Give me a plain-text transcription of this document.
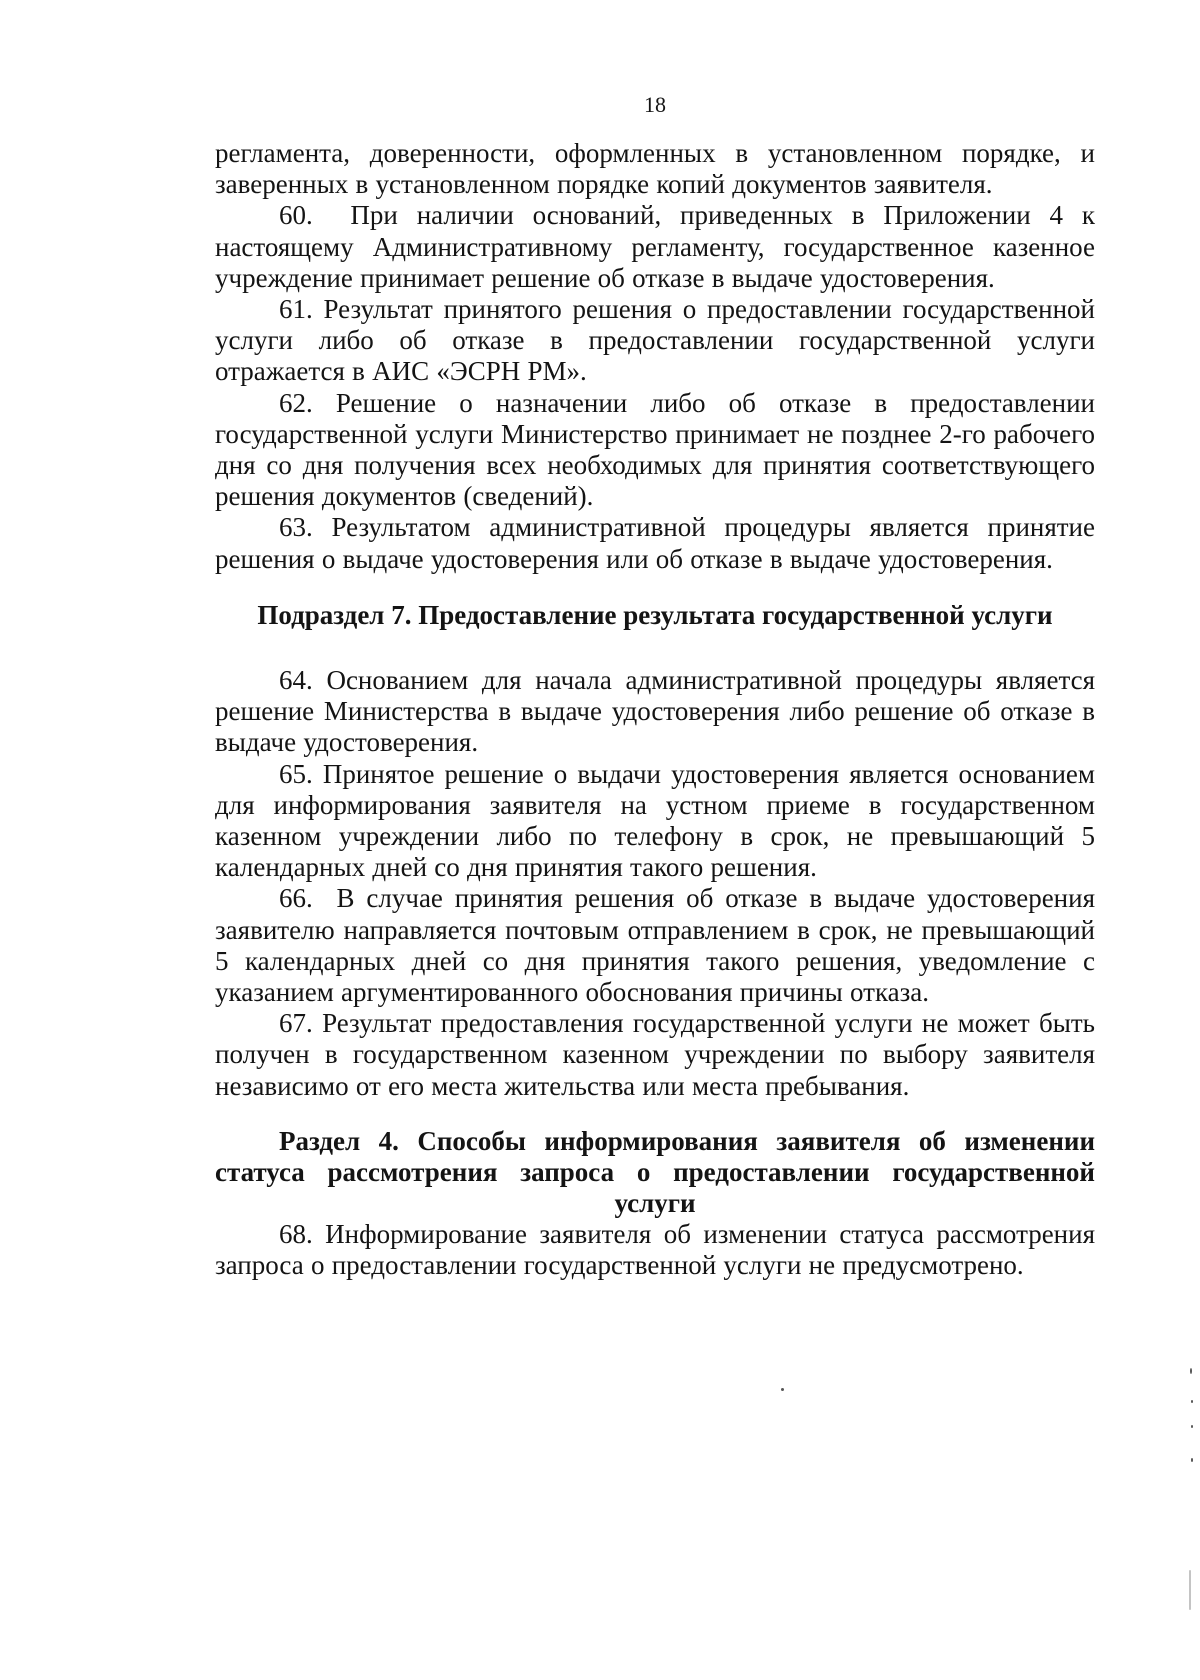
18

регламента, доверенности, оформленных в установленном порядке, и заверенных в установленном порядке копий документов заявителя.

60.  При наличии оснований, приведенных в Приложении 4 к настоящему Административному регламенту, государственное казенное учреждение принимает решение об отказе в выдаче удостоверения.

61. Результат принятого решения о предоставлении государственной услуги либо об отказе в предоставлении государственной услуги отражается в АИС «ЭСРН РМ».

62. Решение о назначении либо об отказе в предоставлении государственной услуги Министерство принимает не позднее 2-го рабочего дня со дня получения всех необходимых для принятия соответствующего решения документов (сведений).

63. Результатом административной процедуры является принятие решения о выдаче удостоверения или об отказе в выдаче удостоверения.

Подраздел 7. Предоставление результата государственной услуги

64. Основанием для начала административной процедуры является решение Министерства в выдаче удостоверения либо решение об отказе в выдаче удостоверения.

65. Принятое решение о выдачи удостоверения является основанием для информирования заявителя на устном приеме в государственном казенном учреждении либо по телефону в срок, не превышающий 5 календарных дней со дня принятия такого решения.

66.  В случае принятия решения об отказе в выдаче удостоверения заявителю направляется почтовым отправлением в срок, не превышающий 5 календарных дней со дня принятия такого решения, уведомление с указанием аргументированного обоснования причины отказа.

67. Результат предоставления государственной услуги не может быть получен в государственном казенном учреждении по выбору заявителя независимо от его места жительства или места пребывания.

Раздел 4. Способы информирования заявителя об изменении статуса рассмотрения запроса о предоставлении государственной услуги

68. Информирование заявителя об изменении статуса рассмотрения запроса о предоставлении государственной услуги не предусмотрено.
